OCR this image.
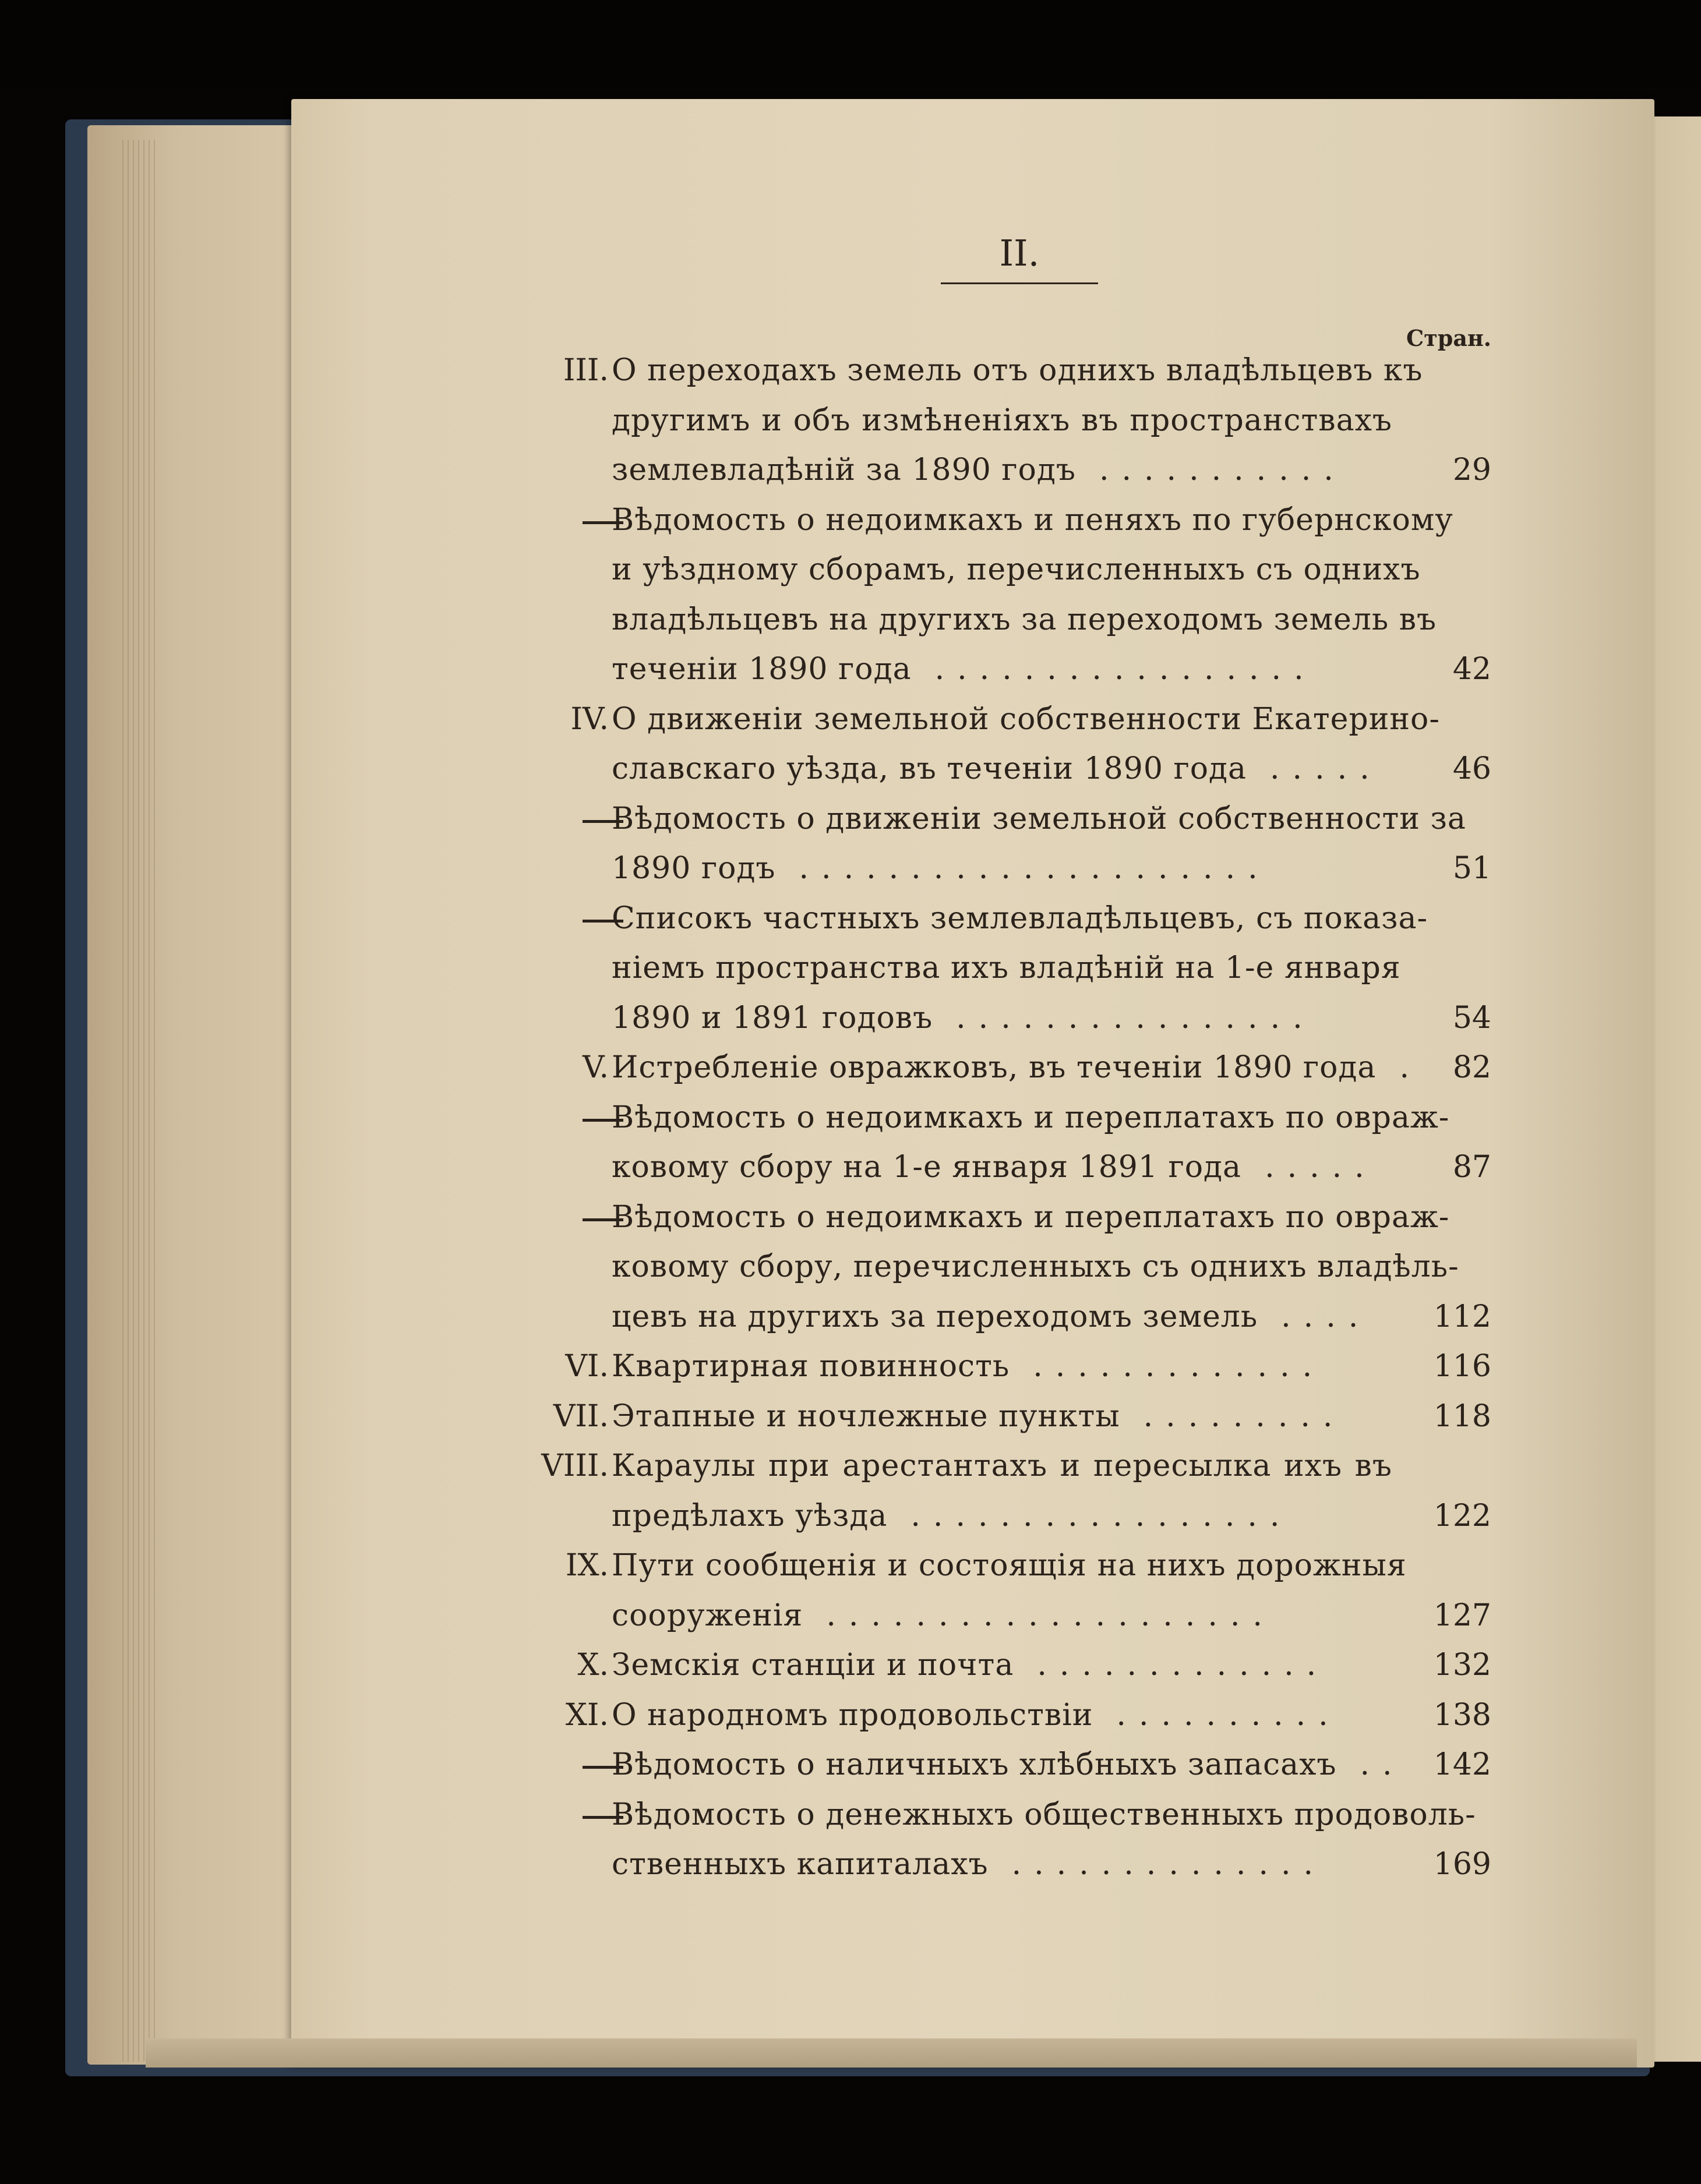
II.
Стран.
III. О переходахъ земель отъ однихъ владѣльцевъ къ
другимъ и объ измѣненіяхъ въ пространствахъ
землевладѣній за 1890 годъ ...........	29
Вѣдомость о недоимкахъ и пеняхъ по губернскому
и уѣздному сборамъ, перечисленныхъ съ однихъ
владѣльцевъ на другихъ за переходомъ земель въ
теченіи 1890 года .................	42
IV. О движеніи земельной собственности Екатерино-
славскаго уѣзда, въ теченіи 1890 года .....	46
Вѣдомость о движеніи земельной собственности за
1890 годъ .....................	51
Списокъ частныхъ землевладѣльцевъ, съ показа-
ніемъ пространства ихъ владѣній на 1-е января
1890 и 1891 годовъ ................	54
V. Истребленіе овражковъ, въ теченіи 1890 года .	82
Вѣдомость о недоимкахъ и переплатахъ по овраж-
ковому сбору на 1-е января 1891 года .....	87
Вѣдомость о недоимкахъ и переплатахъ по овраж-
ковому сбору, перечисленныхъ съ однихъ владѣль-
цевъ на другихъ за переходомъ земель ....	112
VI. Квартирная повинность .............	116
VII. Этапные и ночлежные пункты .........	118
VIII. Караулы при арестантахъ и пересылка ихъ въ
предѣлахъ уѣзда .................	122
IX. Пути сообщенія и состоящія на нихъ дорожныя
сооруженія ....................	127
X. Земскія станціи и почта .............	132
XI. О народномъ продовольствіи ..........	138
Вѣдомость о наличныхъ хлѣбныхъ запасахъ .. 142
Вѣдомость о денежныхъ общественныхъ продоволь-
ственныхъ капиталахъ ..............	169
